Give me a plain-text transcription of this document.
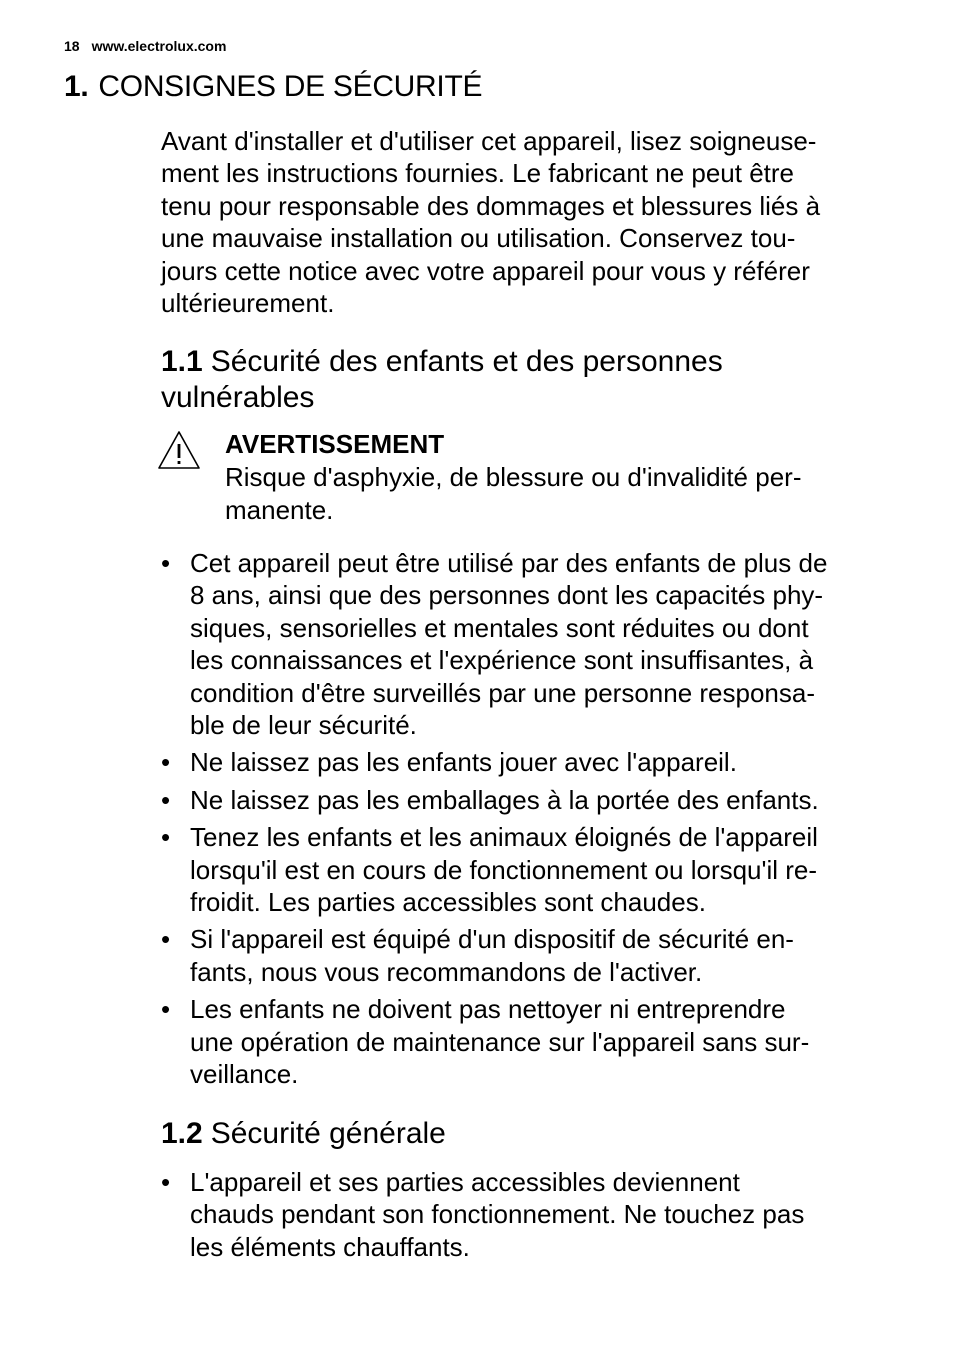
18 www.electrolux.com
1. CONSIGNES DE SÉCURITÉ
Avant d'installer et d'utiliser cet appareil, lisez soigneuse-
ment les instructions fournies. Le fabricant ne peut être
tenu pour responsable des dommages et blessures liés à
une mauvaise installation ou utilisation. Conservez tou-
jours cette notice avec votre appareil pour vous y référer
ultérieurement.
1.1 Sécurité des enfants et des personnes
vulnérables
AVERTISSEMENT
Risque d'asphyxie, de blessure ou d'invalidité per-
manente.
• Cet appareil peut être utilisé par des enfants de plus de
8 ans, ainsi que des personnes dont les capacités phy-
siques, sensorielles et mentales sont réduites ou dont
les connaissances et l'expérience sont insuffisantes, à
condition d'être surveillés par une personne responsa-
ble de leur sécurité.
• Ne laissez pas les enfants jouer avec l'appareil.
• Ne laissez pas les emballages à la portée des enfants.
• Tenez les enfants et les animaux éloignés de l'appareil
lorsqu'il est en cours de fonctionnement ou lorsqu'il re-
froidit. Les parties accessibles sont chaudes.
• Si l'appareil est équipé d'un dispositif de sécurité en-
fants, nous vous recommandons de l'activer.
• Les enfants ne doivent pas nettoyer ni entreprendre
une opération de maintenance sur l'appareil sans sur-
veillance.
1.2 Sécurité générale
• L'appareil et ses parties accessibles deviennent
chauds pendant son fonctionnement. Ne touchez pas
les éléments chauffants.
